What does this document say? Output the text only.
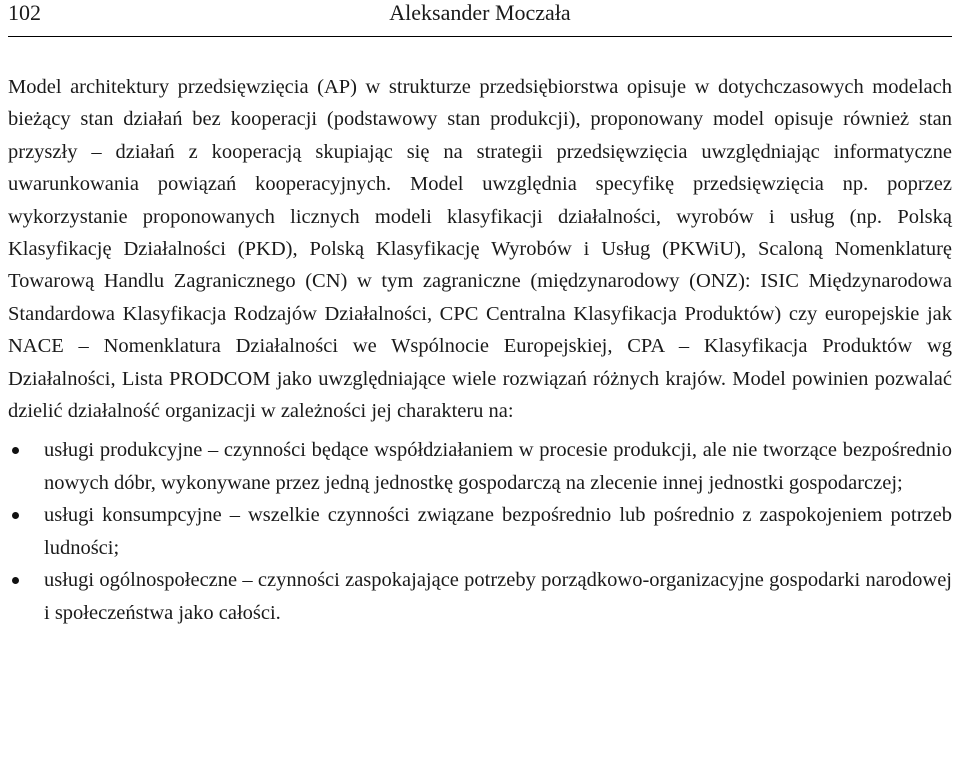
102	Aleksander Moczała

Model architektury przedsięwzięcia (AP) w strukturze przedsiębiorstwa opisuje w dotychczasowych modelach bieżący stan działań bez kooperacji (podstawowy stan produkcji), proponowany model opisuje również stan przyszły – działań z kooperacją skupiając się na strategii przedsięwzięcia uwzględniając informatyczne uwarunkowania powiązań kooperacyjnych. Model uwzględnia specyfikę przedsięwzięcia np. poprzez wykorzystanie proponowanych licznych modeli klasyfikacji działalności, wyrobów i usług (np. Polską Klasyfikację Działalności (PKD), Polską Klasyfikację Wyrobów i Usług (PKWiU), Scaloną Nomenklaturę Towarową Handlu Zagranicznego (CN) w tym zagraniczne (międzynarodowy (ONZ): ISIC Międzynarodowa Standardowa Klasyfikacja Rodzajów Działalności, CPC Centralna Klasyfikacja Produktów) czy europejskie jak NACE – Nomenklatura Działalności we Wspólnocie Europejskiej, CPA – Klasyfikacja Produktów wg Działalności, Lista PRODCOM jako uwzględniające wiele rozwiązań różnych krajów. Model powinien pozwalać dzielić działalność organizacji w zależności jej charakteru na:

usługi produkcyjne – czynności będące współdziałaniem w procesie produkcji, ale nie tworzące bezpośrednio nowych dóbr, wykonywane przez jedną jednostkę gospodarczą na zlecenie innej jednostki gospodarczej;
usługi konsumpcyjne – wszelkie czynności związane bezpośrednio lub pośrednio z zaspokojeniem potrzeb ludności;
usługi ogólnospołeczne – czynności zaspokajające potrzeby porządkowo-organizacyjne gospodarki narodowej i społeczeństwa jako całości.
